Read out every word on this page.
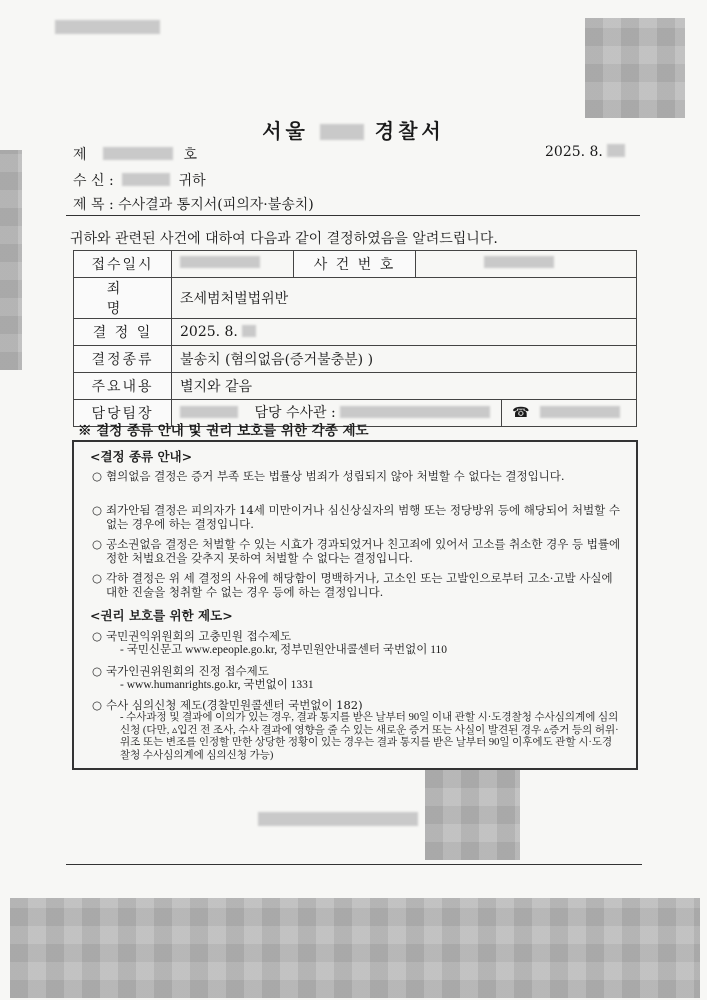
서울	경찰서
제	호	2025. 8.
수 신 :	귀하
제 목 : 수사결과 통지서(피의자·불송치)
귀하와 관련된 사건에 대하여 다음과 같이 결정하였음을 알려드립니다.
접수일시		사 건 번 호	
죄 명	조세범처벌법위반		
결 정 일	2025. 8.		
결정종류	불송치 (혐의없음(증거불충분) )		
주요내용	별지와 같음		
담당팀장	담당 수사관 : ☎		
※ 결정 종류 안내 및 권리 보호를 위한 각종 제도
<결정 종류 안내>
○ 혐의없음 결정은 증거 부족 또는 법률상 범죄가 성립되지 않아 처벌할 수 없다는 결정입니다.
○ 죄가안됨 결정은 피의자가 14세 미만이거나 심신상실자의 범행 또는 정당방위 등에 해당되어 처벌할 수 없는 경우에 하는 결정입니다.
○ 공소권없음 결정은 처벌할 수 있는 시효가 경과되었거나 친고죄에 있어서 고소를 취소한 경우 등 법률에 정한 처벌요건을 갖추지 못하여 처벌할 수 없다는 결정입니다.
○ 각하 결정은 위 세 결정의 사유에 해당함이 명백하거나, 고소인 또는 고발인으로부터 고소·고발 사실에 대한 진술을 청취할 수 없는 경우 등에 하는 결정입니다.
<권리 보호를 위한 제도>
○ 국민권익위원회의 고충민원 접수제도
- 국민신문고 www.epeople.go.kr, 정부민원안내콜센터 국번없이 110
○ 국가인권위원회의 진정 접수제도
- www.humanrights.go.kr, 국번없이 1331
○ 수사 심의신청 제도(경찰민원콜센터 국번없이 182)
- 수사과정 및 결과에 이의가 있는 경우, 결과 통지를 받은 날부터 90일 이내 관할 시·도경찰청 수사심의계에 심의신청 (다만, ▵입건 전 조사, 수사 결과에 영향을 줄 수 있는 새로운 증거 또는 사실이 발견된 경우 ▵증거 등의 허위·위조 또는 변조를 인정할 만한 상당한 정황이 있는 경우는 결과 통지를 받은 날부터 90일 이후에도 관할 시·도경찰청 수사심의계에 심의신청 가능)
